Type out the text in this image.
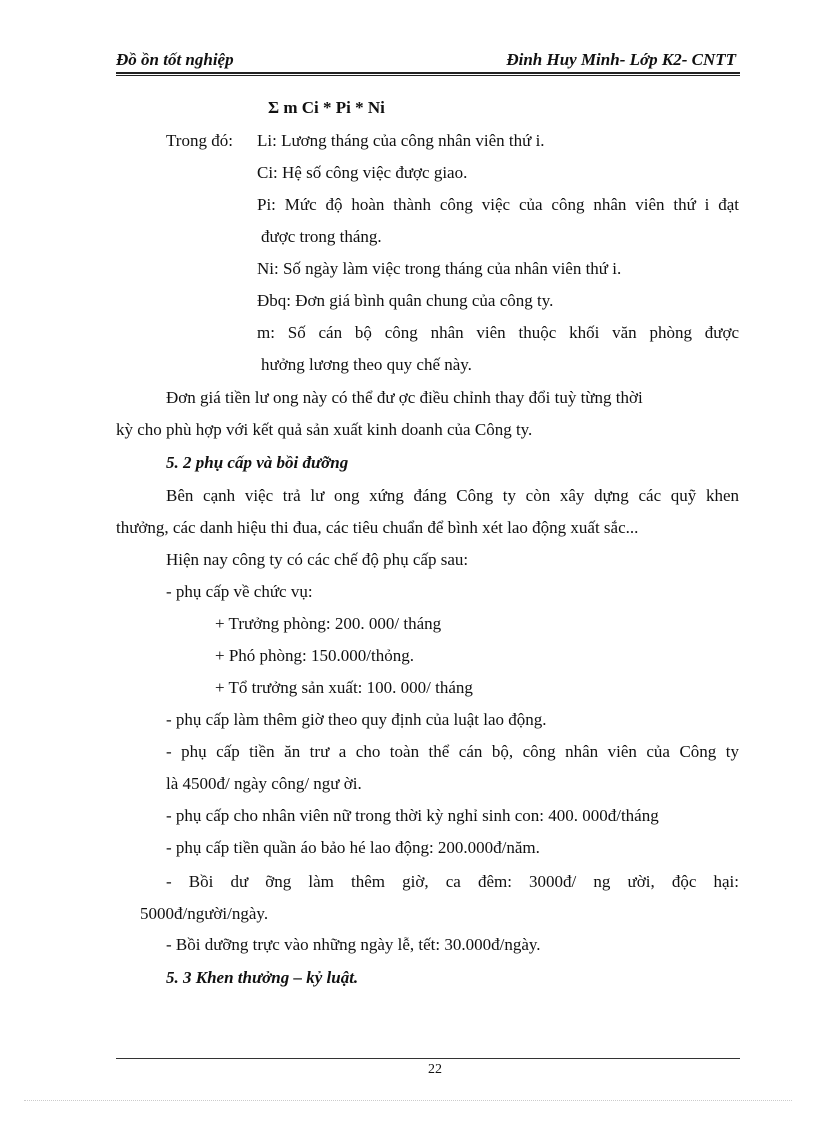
Đồ ồn tốt nghiệp	Đinh Huy Minh- Lớp K2- CNTT
Σ m Ci * Pi * Ni
Trong đó: Li: Lương tháng của công nhân viên thứ i.
Ci: Hệ số công việc được giao.
Pi: Mức độ hoàn thành công việc của công nhân viên thứ i đạt
được trong tháng.
Ni: Số ngày làm việc trong tháng của nhân viên thứ i.
Đbq: Đơn giá bình quân chung của công ty.
m: Số cán bộ công nhân viên thuộc khối văn phòng được
hưởng lương theo quy chế này.
Đơn giá tiền lư ong này có thể đư ợc điều chỉnh thay đổi tuỳ từng thời
kỳ cho phù hợp với kết quả sản xuất kinh doanh của Công ty.
5. 2 phụ cấp và bồi đưỡng
Bên cạnh việc trả lư ong xứng đáng Công ty còn xây dựng các quỹ khen
thưởng, các danh hiệu thi đua, các tiêu chuẩn để bình xét lao động xuất sắc...
Hiện nay công ty có các chế độ phụ cấp sau:
- phụ cấp về chức vụ:
+ Trưởng phòng: 200. 000/ tháng
+ Phó phòng: 150.000/thỏng.
+ Tổ trưởng sản xuất: 100. 000/ tháng
- phụ cấp làm thêm giờ theo quy định của luật lao động.
- phụ cấp tiền ăn trư a cho toàn thể cán bộ, công nhân viên của Công ty
là 4500đ/ ngày công/ ngư ời.
- phụ cấp cho nhân viên nữ trong thời kỳ nghỉ sinh con: 400. 000đ/tháng
- phụ cấp tiền quần áo bảo hé lao động: 200.000đ/năm.
- Bồi dư ỡng làm thêm giờ, ca đêm: 3000đ/ ng ười, độc hại:
5000đ/người/ngày.
- Bồi dưỡng trực vào những ngày lễ, tết: 30.000đ/ngày.
5. 3 Khen thưởng – kỷ luật.
22
